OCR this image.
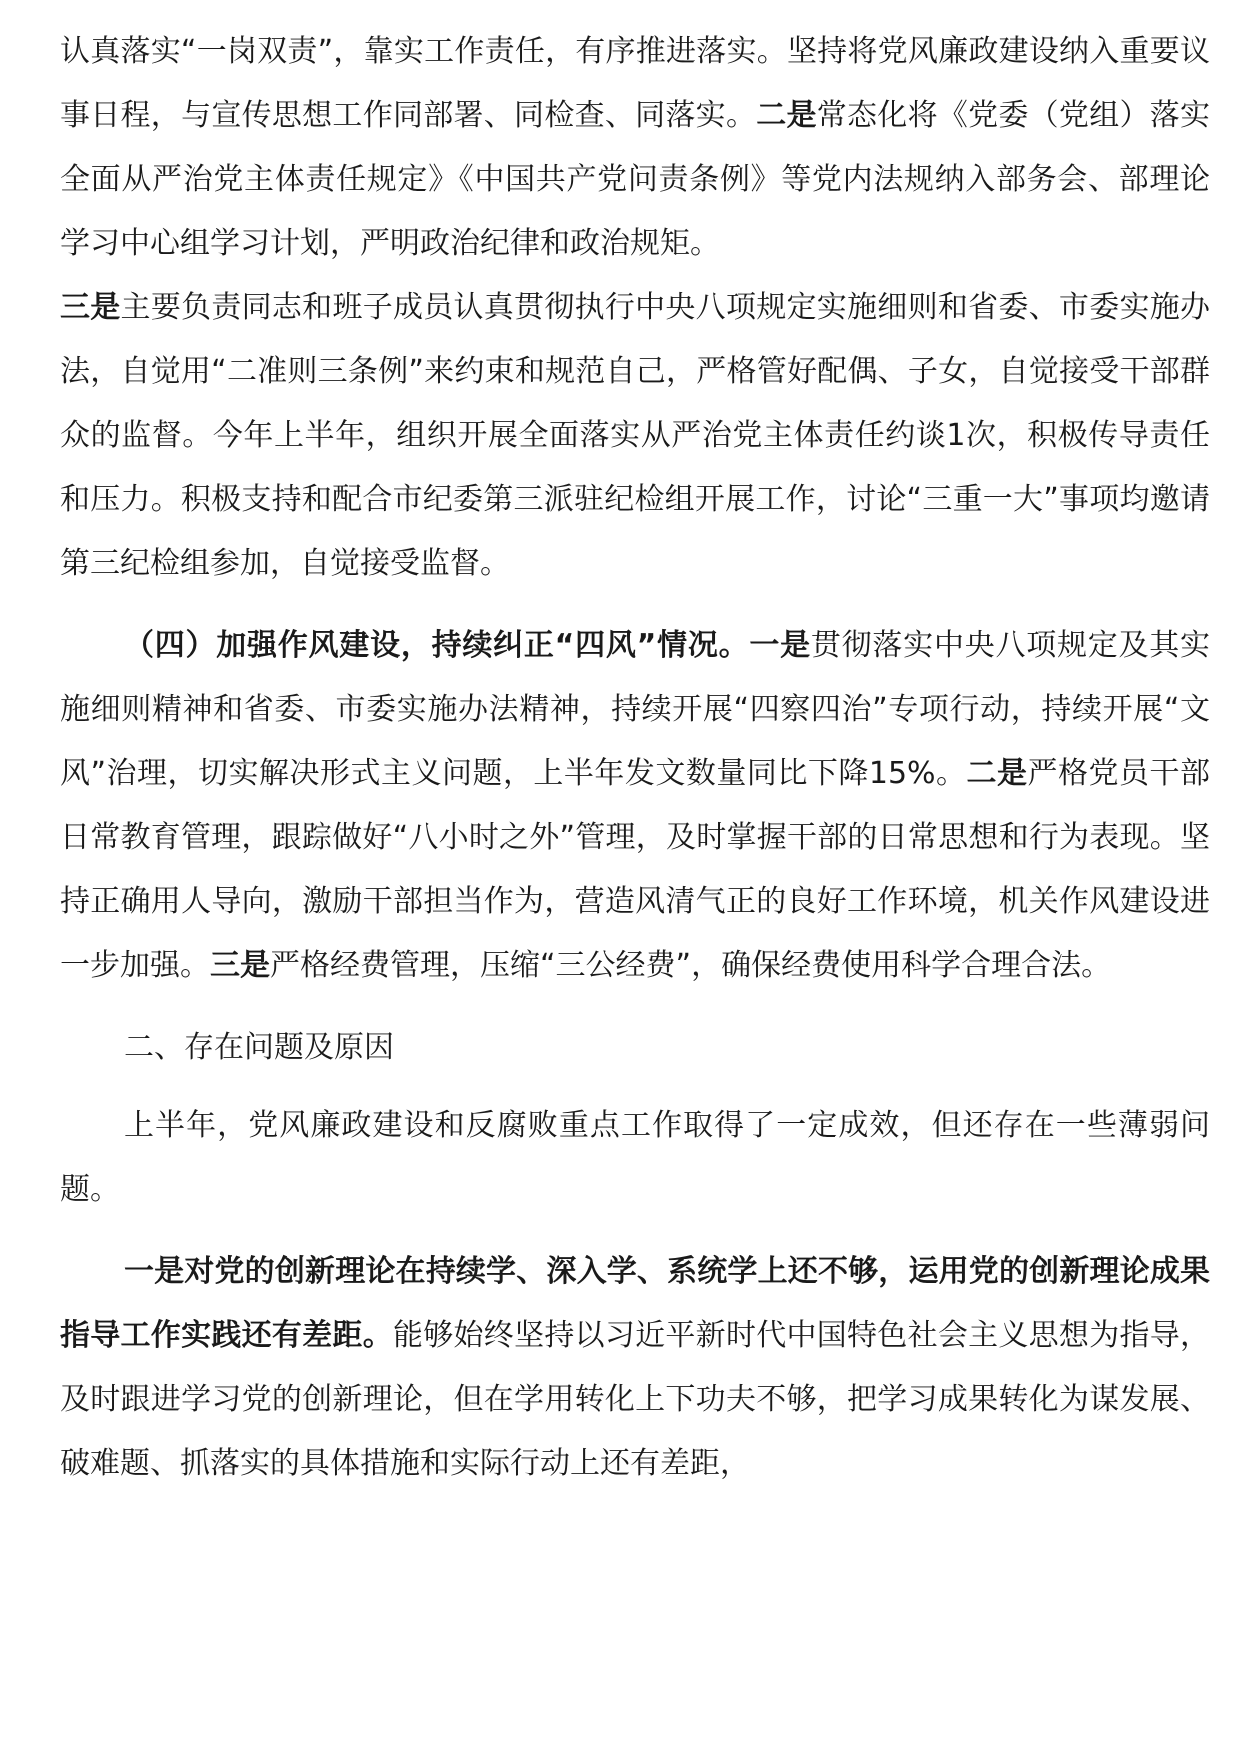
认真落实“一岗双责”，靠实工作责任，有序推进落实。坚持将党风廉政建设纳入重要议事日程，与宣传思想工作同部署、同检查、同落实。二是常态化将《党委（党组）落实全面从严治党主体责任规定》《中国共产党问责条例》等党内法规纳入部务会、部理论学习中心组学习计划，严明政治纪律和政治规矩。
三是主要负责同志和班子成员认真贯彻执行中央八项规定实施细则和省委、市委实施办法，自觉用“二准则三条例”来约束和规范自己，严格管好配偶、子女，自觉接受干部群众的监督。今年上半年，组织开展全面落实从严治党主体责任约谈1次，积极传导责任和压力。积极支持和配合市纪委第三派驻纪检组开展工作，讨论“三重一大”事项均邀请第三纪检组参加，自觉接受监督。

（四）加强作风建设，持续纠正“四风”情况。一是贯彻落实中央八项规定及其实施细则精神和省委、市委实施办法精神，持续开展“四察四治”专项行动，持续开展“文风”治理，切实解决形式主义问题，上半年发文数量同比下降15%。二是严格党员干部日常教育管理，跟踪做好“八小时之外”管理，及时掌握干部的日常思想和行为表现。坚持正确用人导向，激励干部担当作为，营造风清气正的良好工作环境，机关作风建设进一步加强。三是严格经费管理，压缩“三公经费”，确保经费使用科学合理合法。

二、存在问题及原因

上半年，党风廉政建设和反腐败重点工作取得了一定成效，但还存在一些薄弱问题。

一是对党的创新理论在持续学、深入学、系统学上还不够，运用党的创新理论成果指导工作实践还有差距。能够始终坚持以习近平新时代中国特色社会主义思想为指导，及时跟进学习党的创新理论，但在学用转化上下功夫不够，把学习成果转化为谋发展、破难题、抓落实的具体措施和实际行动上还有差距，
